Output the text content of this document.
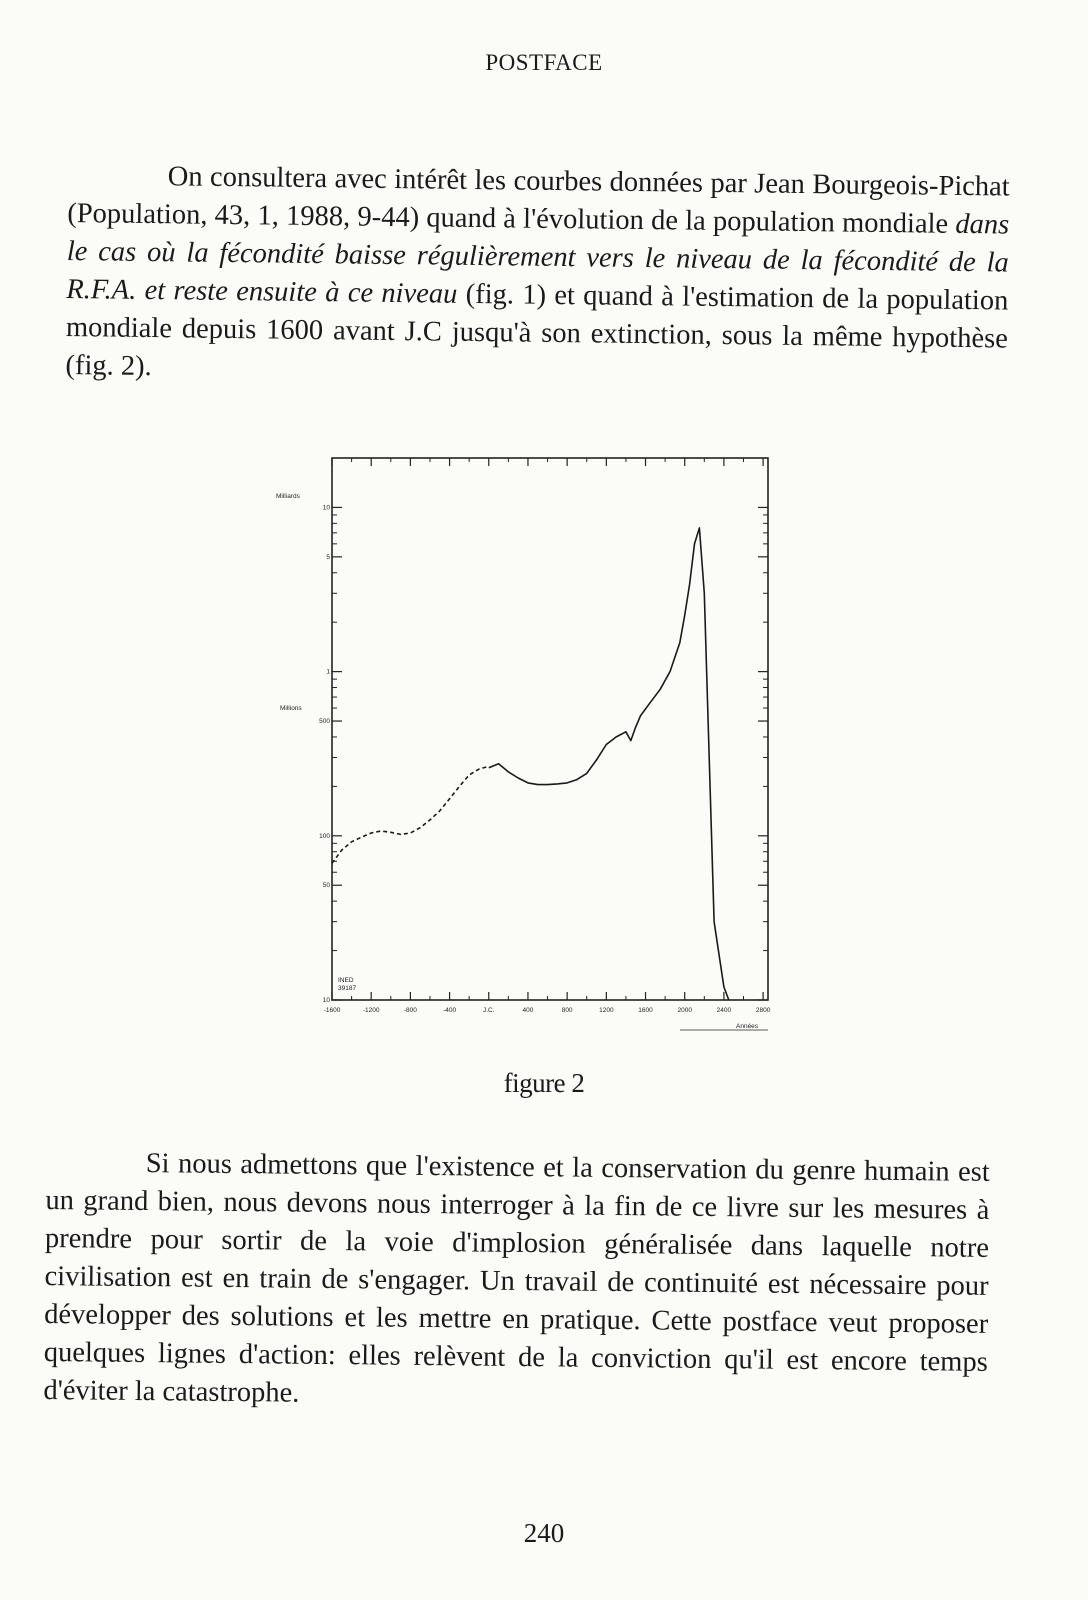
POSTFACE

On consultera avec intérêt les courbes données par Jean Bourgeois-Pichat (Population, 43, 1, 1988, 9-44) quand à l'évolution de la population mondiale dans le cas où la fécondité baisse régulièrement vers le niveau de la fécondité de la R.F.A. et reste ensuite à ce niveau (fig. 1) et quand à l'estimation de la population mondiale depuis 1600 avant J.C jusqu'à son extinction, sous la même hypothèse (fig. 2).

-1600	-1200	-800	-400	J.C.	400	800	1200	1600	2000	2400	2800
10
5
1
500
100
50
10
Milliards
Millions
Années
INED
39187
figure 2

Si nous admettons que l'existence et la conservation du genre humain est un grand bien, nous devons nous interroger à la fin de ce livre sur les mesures à prendre pour sortir de la voie d'implosion généralisée dans laquelle notre civilisation est en train de s'engager. Un travail de continuité est nécessaire pour développer des solutions et les mettre en pratique. Cette postface veut proposer quelques lignes d'action: elles relèvent de la conviction qu'il est encore temps d'éviter la catastrophe.

240
